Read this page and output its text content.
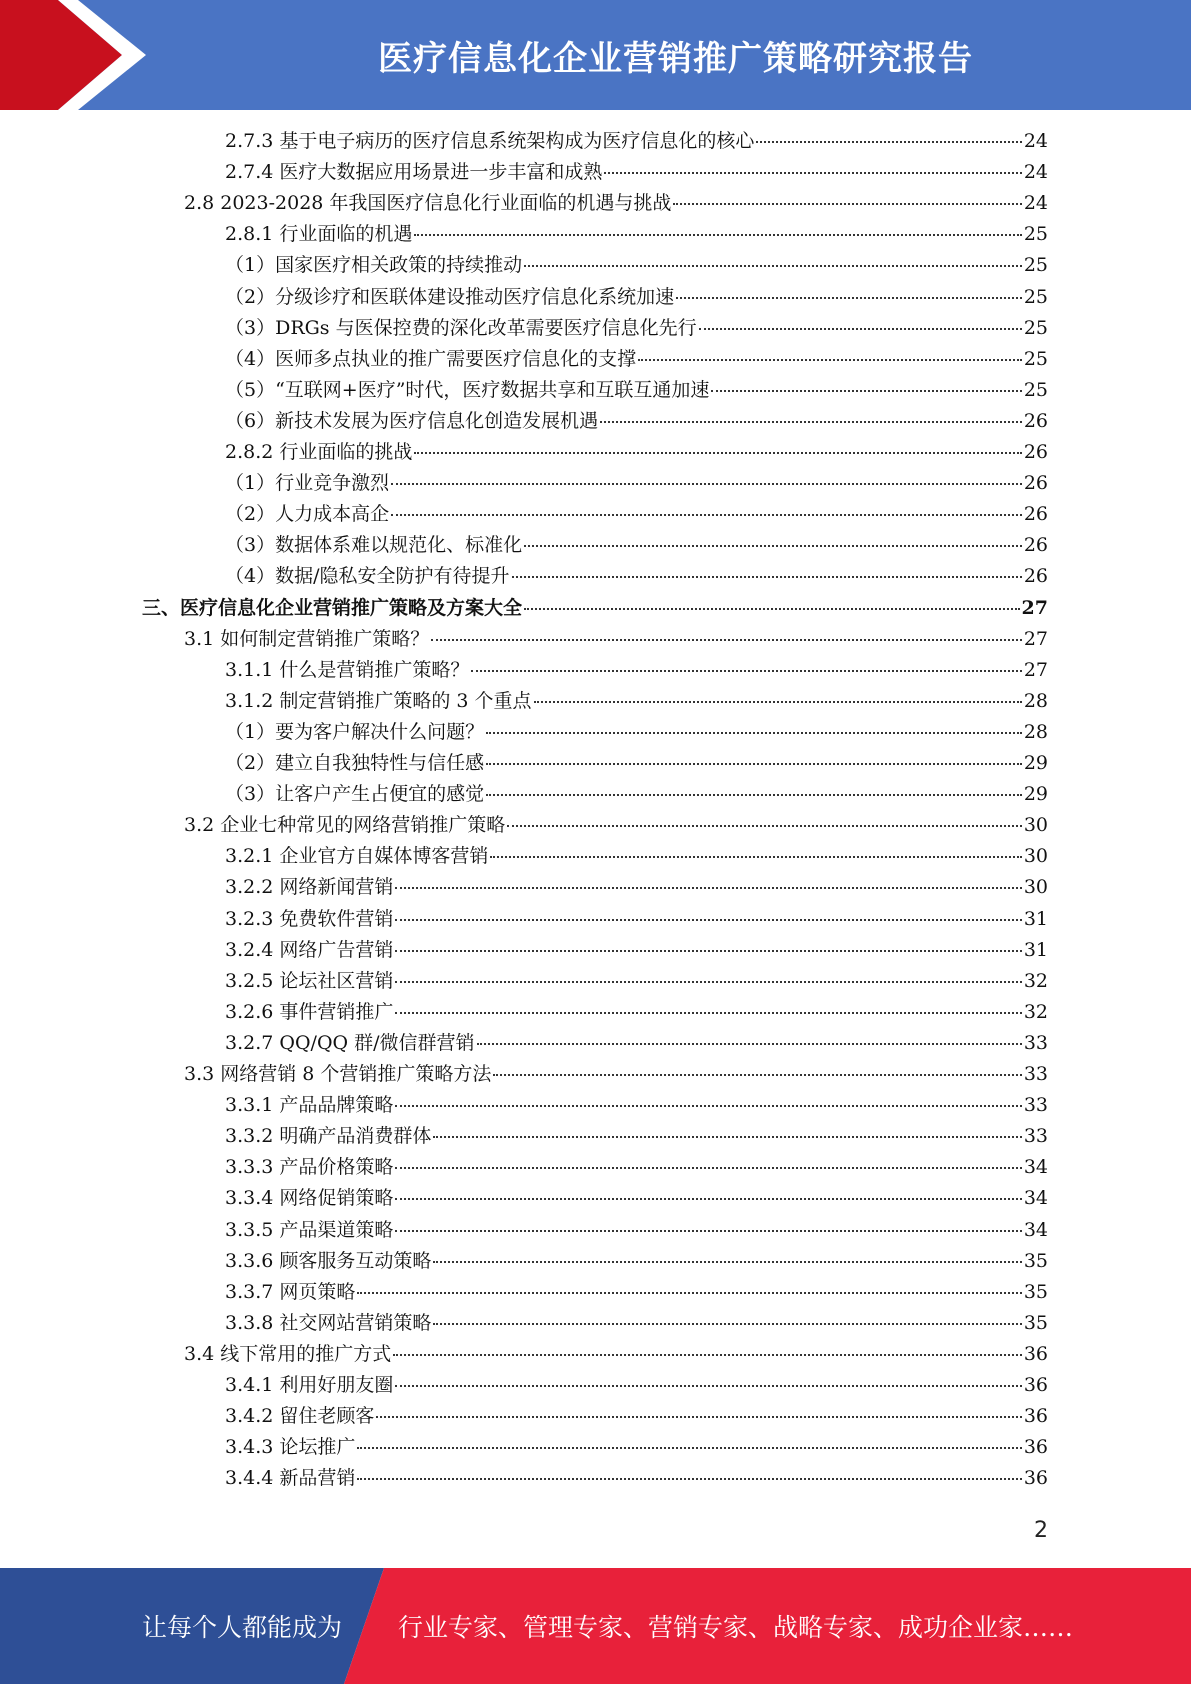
医疗信息化企业营销推广策略研究报告
2.7.3 基于电子病历的医疗信息系统架构成为医疗信息化的核心	24
2.7.4 医疗大数据应用场景进一步丰富和成熟	24
2.8 2023-2028 年我国医疗信息化行业面临的机遇与挑战	24
2.8.1 行业面临的机遇	25
（1）国家医疗相关政策的持续推动	25
（2）分级诊疗和医联体建设推动医疗信息化系统加速	25
（3）DRGs 与医保控费的深化改革需要医疗信息化先行	25
（4）医师多点执业的推广需要医疗信息化的支撑	25
（5）“互联网+医疗”时代，医疗数据共享和互联互通加速	25
（6）新技术发展为医疗信息化创造发展机遇	26
2.8.2 行业面临的挑战	26
（1）行业竞争激烈	26
（2）人力成本高企	26
（3）数据体系难以规范化、标准化	26
（4）数据/隐私安全防护有待提升	26
三、医疗信息化企业营销推广策略及方案大全	27
3.1 如何制定营销推广策略？	27
3.1.1 什么是营销推广策略？	27
3.1.2 制定营销推广策略的 3 个重点	28
（1）要为客户解决什么问题？	28
（2）建立自我独特性与信任感	29
（3）让客户产生占便宜的感觉	29
3.2 企业七种常见的网络营销推广策略	30
3.2.1 企业官方自媒体博客营销	30
3.2.2 网络新闻营销	30
3.2.3 免费软件营销	31
3.2.4 网络广告营销	31
3.2.5 论坛社区营销	32
3.2.6 事件营销推广	32
3.2.7 QQ/QQ 群/微信群营销	33
3.3 网络营销 8 个营销推广策略方法	33
3.3.1 产品品牌策略	33
3.3.2 明确产品消费群体	33
3.3.3 产品价格策略	34
3.3.4 网络促销策略	34
3.3.5 产品渠道策略	34
3.3.6 顾客服务互动策略	35
3.3.7 网页策略	35
3.3.8 社交网站营销策略	35
3.4 线下常用的推广方式	36
3.4.1 利用好朋友圈	36
3.4.2 留住老顾客	36
3.4.3 论坛推广	36
3.4.4 新品营销	36
2
让每个人都能成为 行业专家、管理专家、营销专家、战略专家、成功企业家……
